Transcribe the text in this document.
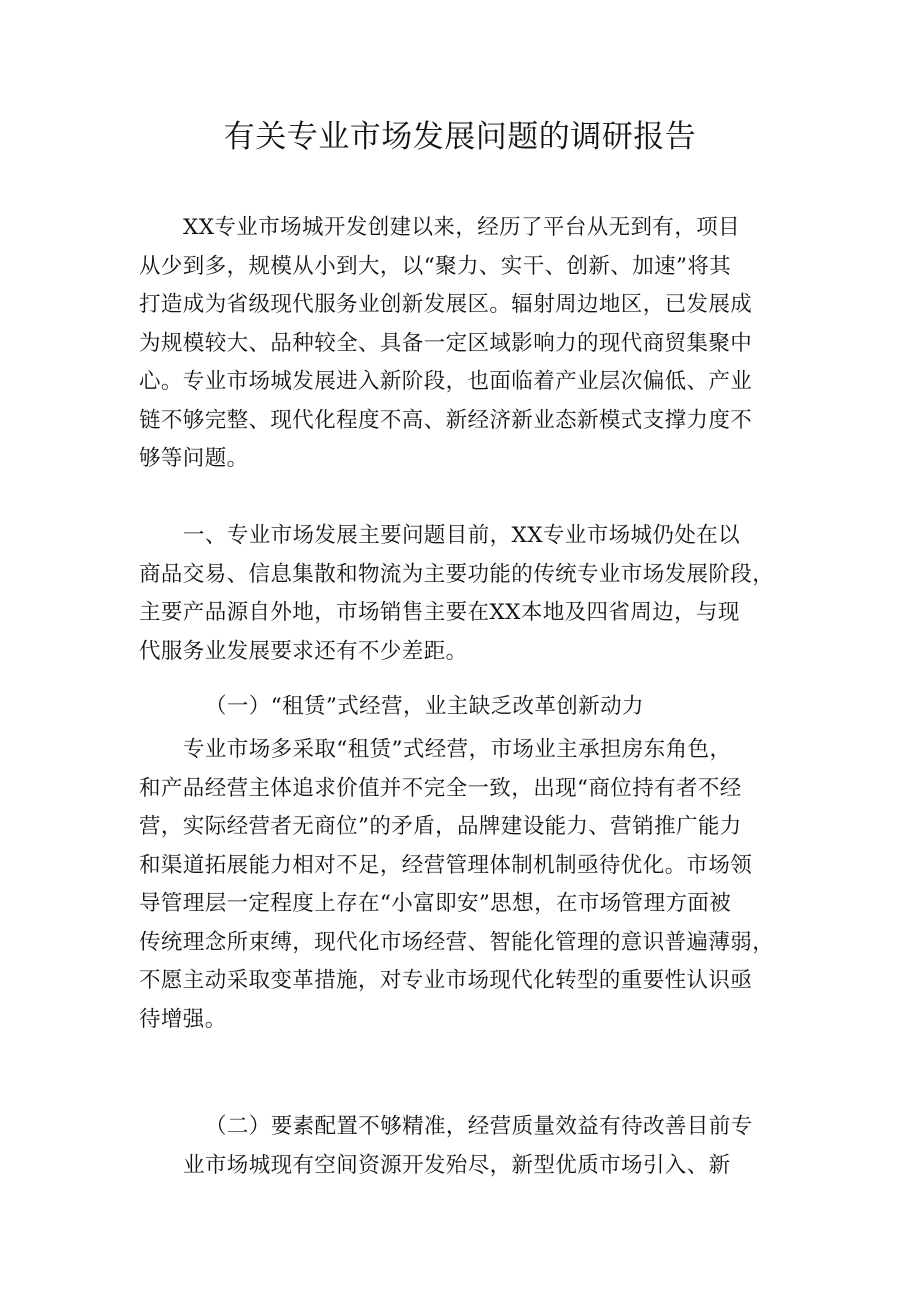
有关专业市场发展问题的调研报告
XX专业市场城开发创建以来，经历了平台从无到有，项目
从少到多，规模从小到大，以“聚力、实干、创新、加速”将其
打造成为省级现代服务业创新发展区。辐射周边地区，已发展成
为规模较大、品种较全、具备一定区域影响力的现代商贸集聚中
心。专业市场城发展进入新阶段，也面临着产业层次偏低、产业
链不够完整、现代化程度不高、新经济新业态新模式支撑力度不
够等问题。
一、专业市场发展主要问题目前，XX专业市场城仍处在以
商品交易、信息集散和物流为主要功能的传统专业市场发展阶段，
主要产品源自外地，市场销售主要在XX本地及四省周边，与现
代服务业发展要求还有不少差距。
（一）“租赁”式经营，业主缺乏改革创新动力
专业市场多采取“租赁”式经营，市场业主承担房东角色，
和产品经营主体追求价值并不完全一致，出现“商位持有者不经
营，实际经营者无商位”的矛盾，品牌建设能力、营销推广能力
和渠道拓展能力相对不足，经营管理体制机制亟待优化。市场领
导管理层一定程度上存在“小富即安”思想，在市场管理方面被
传统理念所束缚，现代化市场经营、智能化管理的意识普遍薄弱，
不愿主动采取变革措施，对专业市场现代化转型的重要性认识亟
待增强。
（二）要素配置不够精准，经营质量效益有待改善目前专
业市场城现有空间资源开发殆尽，新型优质市场引入、新
